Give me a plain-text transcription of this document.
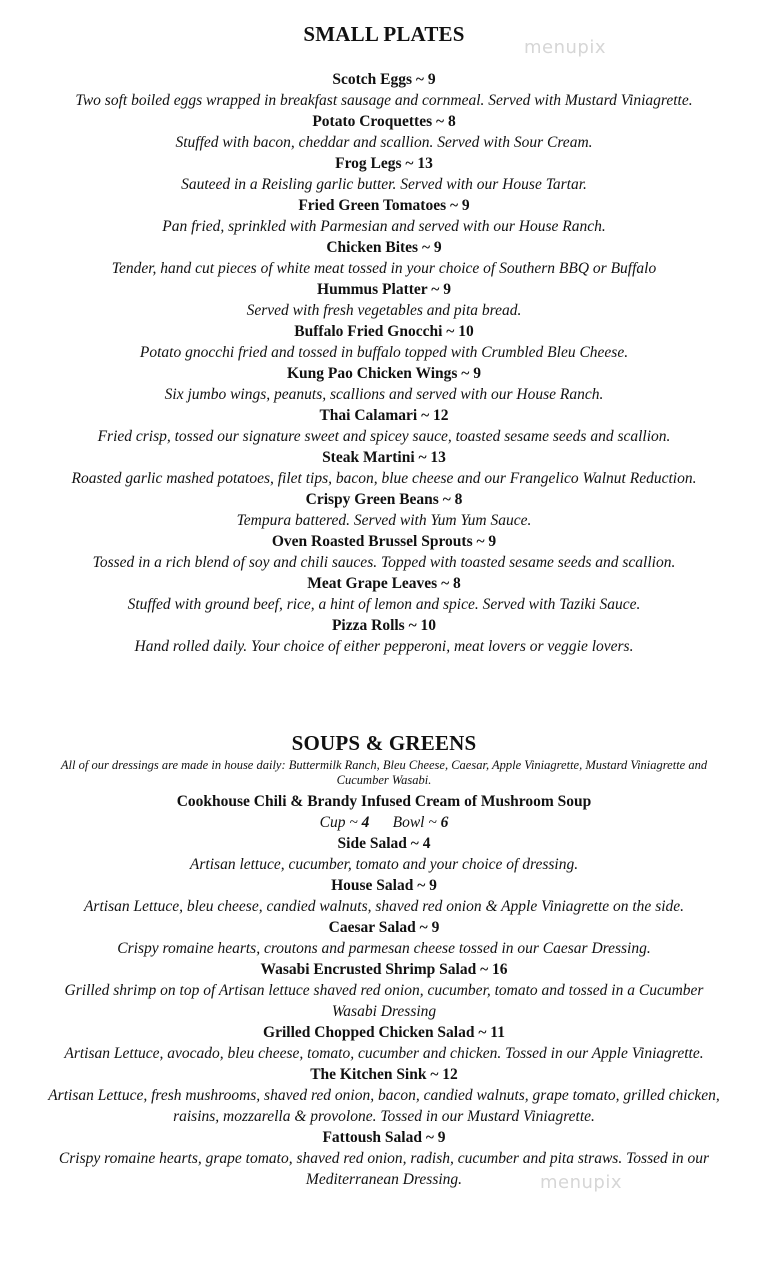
menupix
menupix
SMALL PLATES
Scotch Eggs ~ 9
Two soft boiled eggs wrapped in breakfast sausage and cornmeal. Served with Mustard Viniagrette.
Potato Croquettes ~ 8
Stuffed with bacon, cheddar and scallion. Served with Sour Cream.
Frog Legs ~ 13
Sauteed in a Reisling garlic butter. Served with our House Tartar.
Fried Green Tomatoes ~ 9
Pan fried, sprinkled with Parmesian and served with our House Ranch.
Chicken Bites ~ 9
Tender, hand cut pieces of white meat tossed in your choice of Southern BBQ or Buffalo
Hummus Platter ~ 9
Served with fresh vegetables and pita bread.
Buffalo Fried Gnocchi ~ 10
Potato gnocchi fried and tossed in buffalo topped with Crumbled Bleu Cheese.
Kung Pao Chicken Wings ~ 9
Six jumbo wings, peanuts, scallions and served with our House Ranch.
Thai Calamari ~ 12
Fried crisp, tossed our signature sweet and spicey sauce, toasted sesame seeds and scallion.
Steak Martini ~ 13
Roasted garlic mashed potatoes, filet tips, bacon, blue cheese and our Frangelico Walnut Reduction.
Crispy Green Beans ~ 8
Tempura battered. Served with Yum Yum Sauce.
Oven Roasted Brussel Sprouts ~ 9
Tossed in a rich blend of soy and chili sauces. Topped with toasted sesame seeds and scallion.
Meat Grape Leaves ~ 8
Stuffed with ground beef, rice, a hint of lemon and spice. Served with Taziki Sauce.
Pizza Rolls ~ 10
Hand rolled daily. Your choice of either pepperoni, meat lovers or veggie lovers.
SOUPS & GREENS
All of our dressings are made in house daily: Buttermilk Ranch, Bleu Cheese, Caesar, Apple Viniagrette, Mustard Viniagrette and Cucumber Wasabi.
Cookhouse Chili & Brandy Infused Cream of Mushroom Soup
Cup ~ 4 Bowl ~ 6
Side Salad ~ 4
Artisan lettuce, cucumber, tomato and your choice of dressing.
House Salad ~ 9
Artisan Lettuce, bleu cheese, candied walnuts, shaved red onion & Apple Viniagrette on the side.
Caesar Salad ~ 9
Crispy romaine hearts, croutons and parmesan cheese tossed in our Caesar Dressing.
Wasabi Encrusted Shrimp Salad ~ 16
Grilled shrimp on top of Artisan lettuce shaved red onion, cucumber, tomato and tossed in a Cucumber Wasabi Dressing
Grilled Chopped Chicken Salad ~ 11
Artisan Lettuce, avocado, bleu cheese, tomato, cucumber and chicken. Tossed in our Apple Viniagrette.
The Kitchen Sink ~ 12
Artisan Lettuce, fresh mushrooms, shaved red onion, bacon, candied walnuts, grape tomato, grilled chicken, raisins, mozzarella & provolone. Tossed in our Mustard Viniagrette.
Fattoush Salad ~ 9
Crispy romaine hearts, grape tomato, shaved red onion, radish, cucumber and pita straws. Tossed in our Mediterranean Dressing.
